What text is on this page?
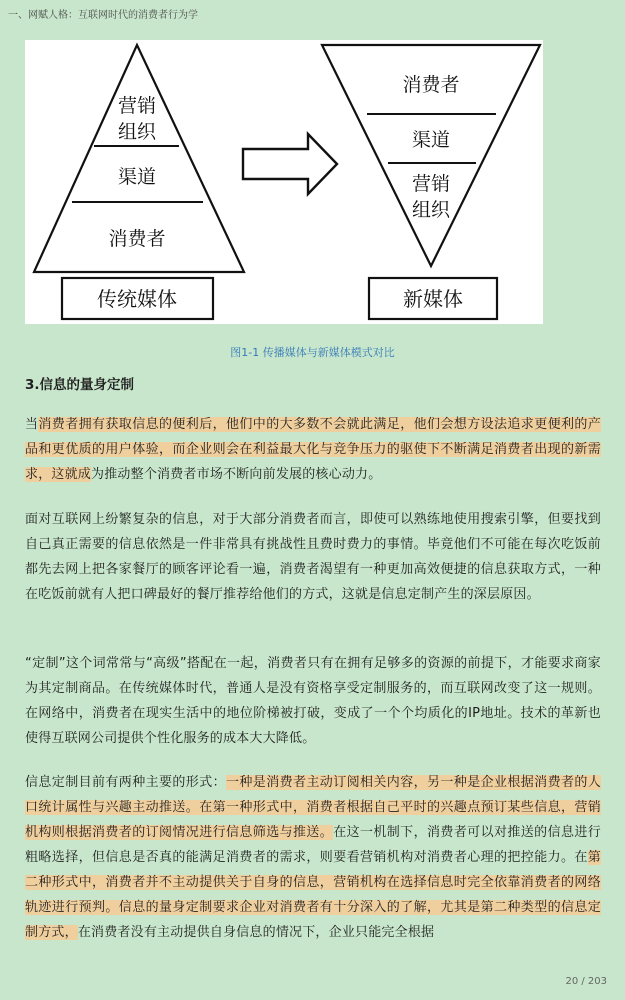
一、网赋人格：互联网时代的消费者行为学
营销
组织
渠道
消费者
传统媒体
消费者
渠道
营销
组织
新媒体
图1-1 传播媒体与新媒体模式对比
3.信息的量身定制
当消费者拥有获取信息的便利后，他们中的大多数不会就此满足，他们会想方设法追求更便利的产品和更优质的用户体验，而企业则会在利益最大化与竞争压力的驱使下不断满足消费者出现的新需求，这就成为推动整个消费者市场不断向前发展的核心动力。
面对互联网上纷繁复杂的信息，对于大部分消费者而言，即使可以熟练地使用搜索引擎，但要找到自己真正需要的信息依然是一件非常具有挑战性且费时费力的事情。毕竟他们不可能在每次吃饭前都先去网上把各家餐厅的顾客评论看一遍，消费者渴望有一种更加高效便捷的信息获取方式，一种在吃饭前就有人把口碑最好的餐厅推荐给他们的方式，这就是信息定制产生的深层原因。
“定制”这个词常常与“高级”搭配在一起，消费者只有在拥有足够多的资源的前提下，才能要求商家为其定制商品。在传统媒体时代，普通人是没有资格享受定制服务的，而互联网改变了这一规则。在网络中，消费者在现实生活中的地位阶梯被打破，变成了一个个均质化的IP地址。技术的革新也使得互联网公司提供个性化服务的成本大大降低。
信息定制目前有两种主要的形式：一种是消费者主动订阅相关内容，另一种是企业根据消费者的人口统计属性与兴趣主动推送。在第一种形式中，消费者根据自己平时的兴趣点预订某些信息，营销机构则根据消费者的订阅情况进行信息筛选与推送。在这一机制下，消费者可以对推送的信息进行粗略选择，但信息是否真的能满足消费者的需求，则要看营销机构对消费者心理的把控能力。在第二种形式中，消费者并不主动提供关于自身的信息，营销机构在选择信息时完全依靠消费者的网络轨迹进行预判。信息的量身定制要求企业对消费者有十分深入的了解，尤其是第二种类型的信息定制方式，在消费者没有主动提供自身信息的情况下，企业只能完全根据
20 / 203
